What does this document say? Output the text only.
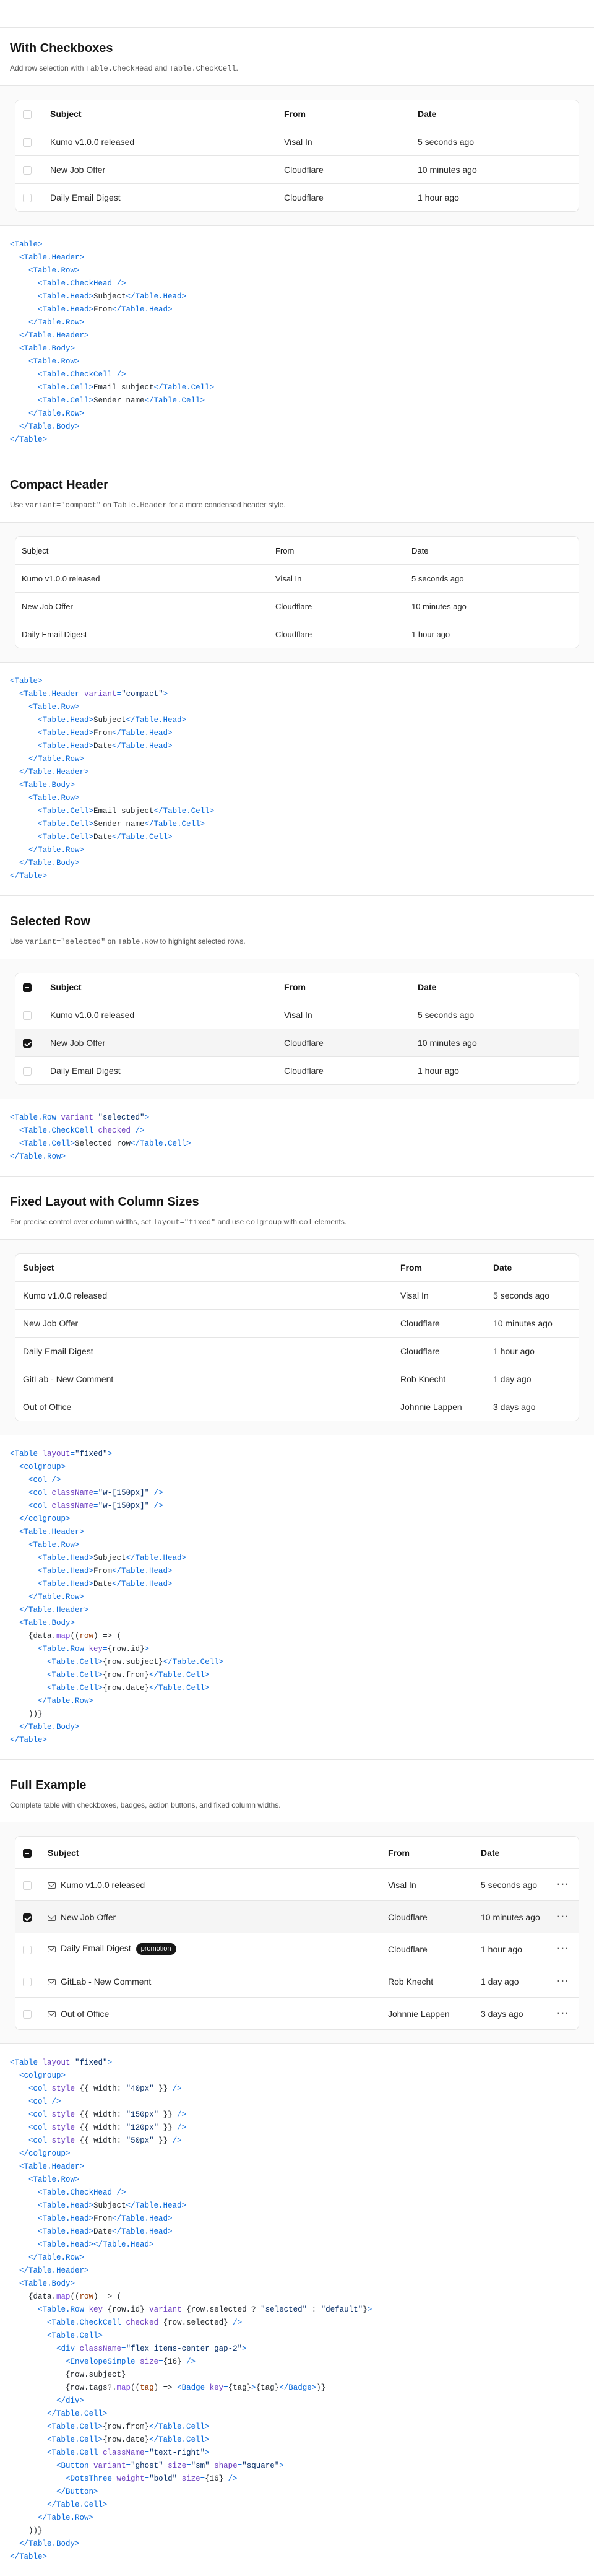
With Checkboxes

Add row selection with Table.CheckHead and Table.CheckCell.

	Subject	From	Date
	Kumo v1.0.0 released	Visal In	5 seconds ago
	New Job Offer	Cloudflare	10 minutes ago
	Daily Email Digest	Cloudflare	1 hour ago
<Table>
<Table.Header>
<Table.Row>
<Table.CheckHead />
<Table.Head>Subject</Table.Head>
<Table.Head>From</Table.Head>
</Table.Row>
</Table.Header>
<Table.Body>
<Table.Row>
<Table.CheckCell />
<Table.Cell>Email subject</Table.Cell>
<Table.Cell>Sender name</Table.Cell>
</Table.Row>
</Table.Body>
</Table>
Compact Header

Use variant="compact" on Table.Header for a more condensed header style.

Subject	From	Date
Kumo v1.0.0 released	Visal In	5 seconds ago
New Job Offer	Cloudflare	10 minutes ago
Daily Email Digest	Cloudflare	1 hour ago
<Table>
<Table.Header variant="compact">
<Table.Row>
<Table.Head>Subject</Table.Head>
<Table.Head>From</Table.Head>
<Table.Head>Date</Table.Head>
</Table.Row>
</Table.Header>
<Table.Body>
<Table.Row>
<Table.Cell>Email subject</Table.Cell>
<Table.Cell>Sender name</Table.Cell>
<Table.Cell>Date</Table.Cell>
</Table.Row>
</Table.Body>
</Table>
Selected Row

Use variant="selected" on Table.Row to highlight selected rows.

	Subject	From	Date
	Kumo v1.0.0 released	Visal In	5 seconds ago
	New Job Offer	Cloudflare	10 minutes ago
	Daily Email Digest	Cloudflare	1 hour ago
<Table.Row variant="selected">
<Table.CheckCell checked />
<Table.Cell>Selected row</Table.Cell>
</Table.Row>
Fixed Layout with Column Sizes

For precise control over column widths, set layout="fixed" and use colgroup with col elements.

Subject	From	Date
Kumo v1.0.0 released	Visal In	5 seconds ago
New Job Offer	Cloudflare	10 minutes ago
Daily Email Digest	Cloudflare	1 hour ago
GitLab - New Comment	Rob Knecht	1 day ago
Out of Office	Johnnie Lappen	3 days ago
<Table layout="fixed">
<colgroup>
<col />
<col className="w-[150px]" />
<col className="w-[150px]" />
</colgroup>
<Table.Header>
<Table.Row>
<Table.Head>Subject</Table.Head>
<Table.Head>From</Table.Head>
<Table.Head>Date</Table.Head>
</Table.Row>
</Table.Header>
<Table.Body>
{data.map((row) => (
<Table.Row key={row.id}>
<Table.Cell>{row.subject}</Table.Cell>
<Table.Cell>{row.from}</Table.Cell>
<Table.Cell>{row.date}</Table.Cell>
</Table.Row>
))}
</Table.Body>
</Table>
Full Example

Complete table with checkboxes, badges, action buttons, and fixed column widths.

	Subject	From	Date	
	Kumo v1.0.0 released	Visal In	5 seconds ago	···
	New Job Offer	Cloudflare	10 minutes ago	···
	Daily Email Digest promotion	Cloudflare	1 hour ago	···
	GitLab - New Comment	Rob Knecht	1 day ago	···
	Out of Office	Johnnie Lappen	3 days ago	···
<Table layout="fixed">
<colgroup>
<col style={{ width: "40px" }} />
<col />
<col style={{ width: "150px" }} />
<col style={{ width: "120px" }} />
<col style={{ width: "50px" }} />
</colgroup>
<Table.Header>
<Table.Row>
<Table.CheckHead />
<Table.Head>Subject</Table.Head>
<Table.Head>From</Table.Head>
<Table.Head>Date</Table.Head>
<Table.Head></Table.Head>
</Table.Row>
</Table.Header>
<Table.Body>
{data.map((row) => (
<Table.Row key={row.id} variant={row.selected ? "selected" : "default"}>
<Table.CheckCell checked={row.selected} />
<Table.Cell>
<div className="flex items-center gap-2">
<EnvelopeSimple size={16} />
{row.subject}
{row.tags?.map((tag) => <Badge key={tag}>{tag}</Badge>)}
</div>
</Table.Cell>
<Table.Cell>{row.from}</Table.Cell>
<Table.Cell>{row.date}</Table.Cell>
<Table.Cell className="text-right">
<Button variant="ghost" size="sm" shape="square">
<DotsThree weight="bold" size={16} />
</Button>
</Table.Cell>
</Table.Row>
))}
</Table.Body>
</Table>
